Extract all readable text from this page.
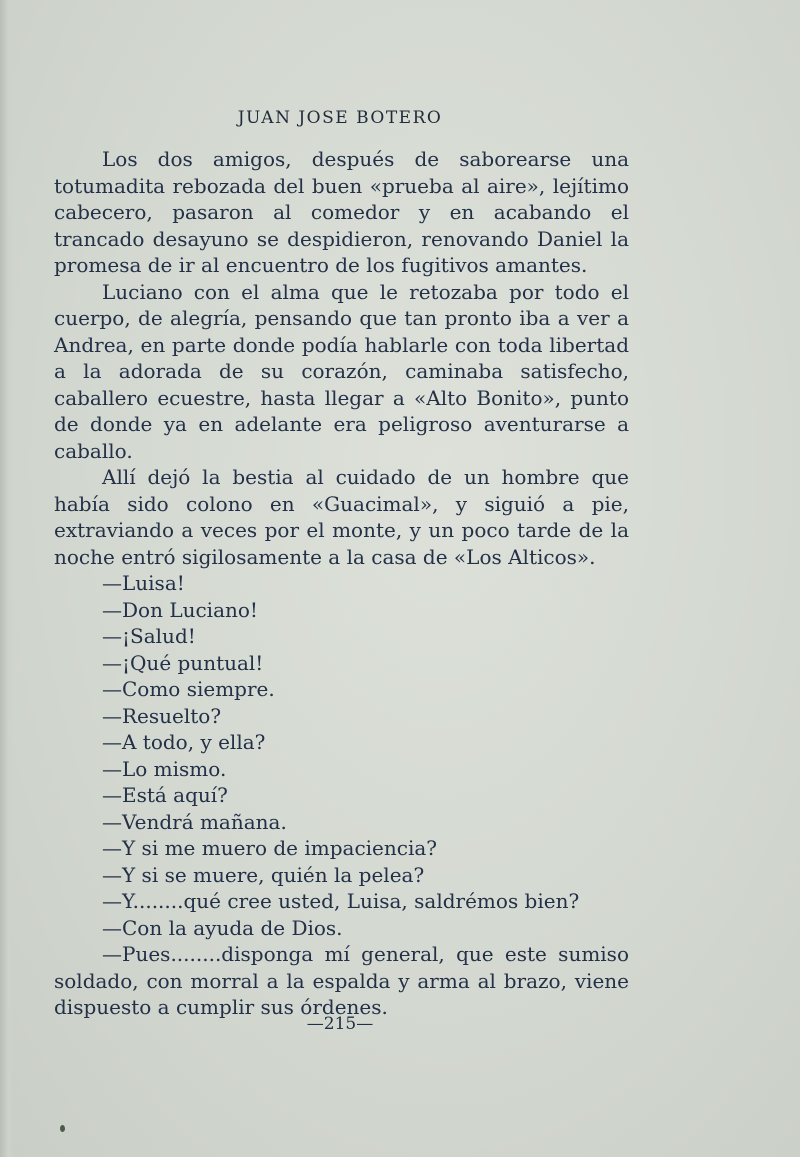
JUAN JOSE BOTERO

Los dos amigos, después de saborearse una totumadita rebozada del buen «prueba al aire», lejítimo cabecero, pasaron al comedor y en acabando el trancado desayuno se despidieron, renovando Daniel la promesa de ir al encuentro de los fugitivos amantes.

Luciano con el alma que le retozaba por todo el cuerpo, de alegría, pensando que tan pronto iba a ver a Andrea, en parte donde podía hablarle con toda libertad a la adorada de su corazón, caminaba satisfecho, caballero ecuestre, hasta llegar a «Alto Bonito», punto de donde ya en adelante era peligroso aventurarse a caballo.

Allí dejó la bestia al cuidado de un hombre que había sido colono en «Guacimal», y siguió a pie, extraviando a veces por el monte, y un poco tarde de la noche entró sigilosamente a la casa de «Los Alticos».

—Luisa!

—Don Luciano!

—¡Salud!

—¡Qué puntual!

—Como siempre.

—Resuelto?

—A todo, y ella?

—Lo mismo.

—Está aquí?

—Vendrá mañana.

—Y si me muero de impaciencia?

—Y si se muere, quién la pelea?

—Y........qué cree usted, Luisa, saldrémos bien?

—Con la ayuda de Dios.

—Pues........disponga mí general, que este sumiso soldado, con morral a la espalda y arma al brazo, viene dispuesto a cumplir sus órdenes.

—215—
